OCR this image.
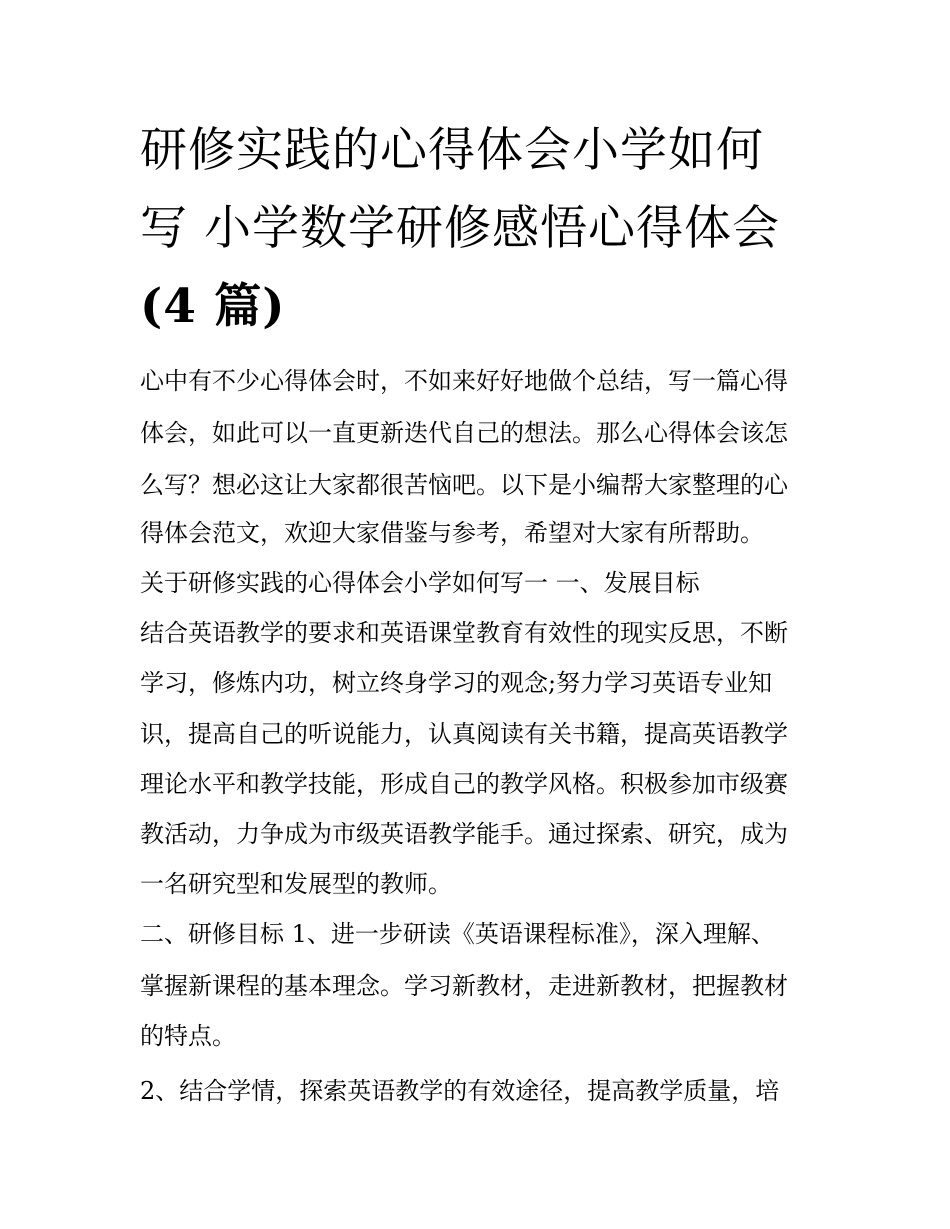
研修实践的心得体会小学如何
写 小学数学研修感悟心得体会
(4 篇)
心中有不少心得体会时，不如来好好地做个总结，写一篇心得
体会，如此可以一直更新迭代自己的想法。那么心得体会该怎
么写？想必这让大家都很苦恼吧。以下是小编帮大家整理的心
得体会范文，欢迎大家借鉴与参考，希望对大家有所帮助。
关于研修实践的心得体会小学如何写一 一、发展目标
结合英语教学的要求和英语课堂教育有效性的现实反思，不断
学习，修炼内功，树立终身学习的观念;努力学习英语专业知
识，提高自己的听说能力，认真阅读有关书籍，提高英语教学
理论水平和教学技能，形成自己的教学风格。积极参加市级赛
教活动，力争成为市级英语教学能手。通过探索、研究，成为
一名研究型和发展型的教师。
二、研修目标 1、进一步研读《英语课程标准》，深入理解、
掌握新课程的基本理念。学习新教材，走进新教材，把握教材
的特点。
2、结合学情，探索英语教学的有效途径，提高教学质量，培
